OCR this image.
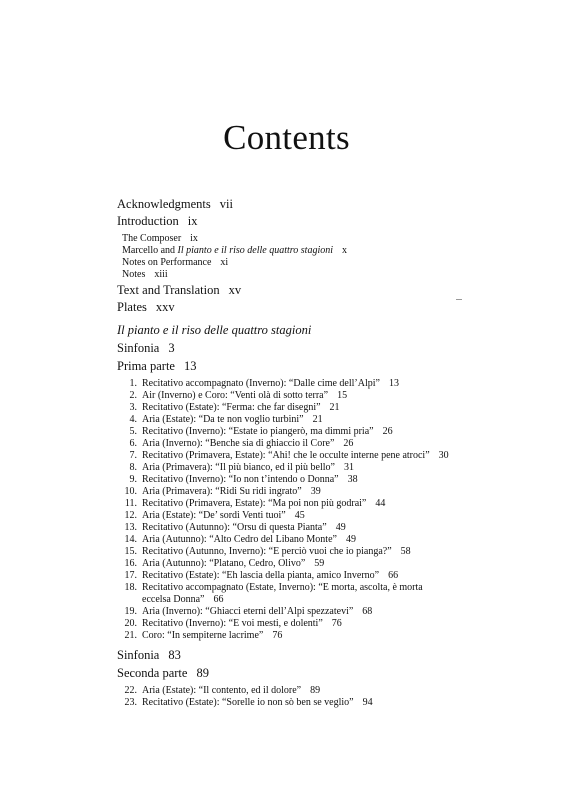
Contents
Acknowledgments vii
Introduction ix
The Composer ix
Marcello and Il pianto e il riso delle quattro stagioni x
Notes on Performance xi
Notes xiii
Text and Translation xv
Plates xxv
Il pianto e il riso delle quattro stagioni
Sinfonia 3
Prima parte 13
1. Recitativo accompagnato (Inverno): “Dalle cime dell’Alpi” 13
2. Air (Inverno) e Coro: “Venti olà di sotto terra” 15
3. Recitativo (Estate): “Ferma: che far disegni” 21
4. Aria (Estate): “Da te non voglio turbini” 21
5. Recitativo (Inverno): “Estate io piangerò, ma dimmi pria” 26
6. Aria (Inverno): “Benche sia di ghiaccio il Core” 26
7. Recitativo (Primavera, Estate): “Ahi! che le occulte interne pene atroci” 30
8. Aria (Primavera): “Il più bianco, ed il più bello” 31
9. Recitativo (Inverno): “Io non t’intendo o Donna” 38
10. Aria (Primavera): “Ridi Su ridi ingrato” 39
11. Recitativo (Primavera, Estate): “Ma poi non più godrai” 44
12. Aria (Estate): “De’ sordi Venti tuoi” 45
13. Recitativo (Autunno): “Orsu di questa Pianta” 49
14. Aria (Autunno): “Alto Cedro del Libano Monte” 49
15. Recitativo (Autunno, Inverno): “E perciò vuoi che io pianga?” 58
16. Aria (Autunno): “Platano, Cedro, Olivo” 59
17. Recitativo (Estate): “Eh lascia della pianta, amico Inverno” 66
18. Recitativo accompagnato (Estate, Inverno): “E morta, ascolta, è morta
eccelsa Donna” 66
19. Aria (Inverno): “Ghiacci eterni dell’Alpi spezzatevi” 68
20. Recitativo (Inverno): “E voi mesti, e dolenti” 76
21. Coro: “In sempiterne lacrime” 76
Sinfonia 83
Seconda parte 89
22. Aria (Estate): “Il contento, ed il dolore” 89
23. Recitativo (Estate): “Sorelle io non sò ben se veglio” 94
